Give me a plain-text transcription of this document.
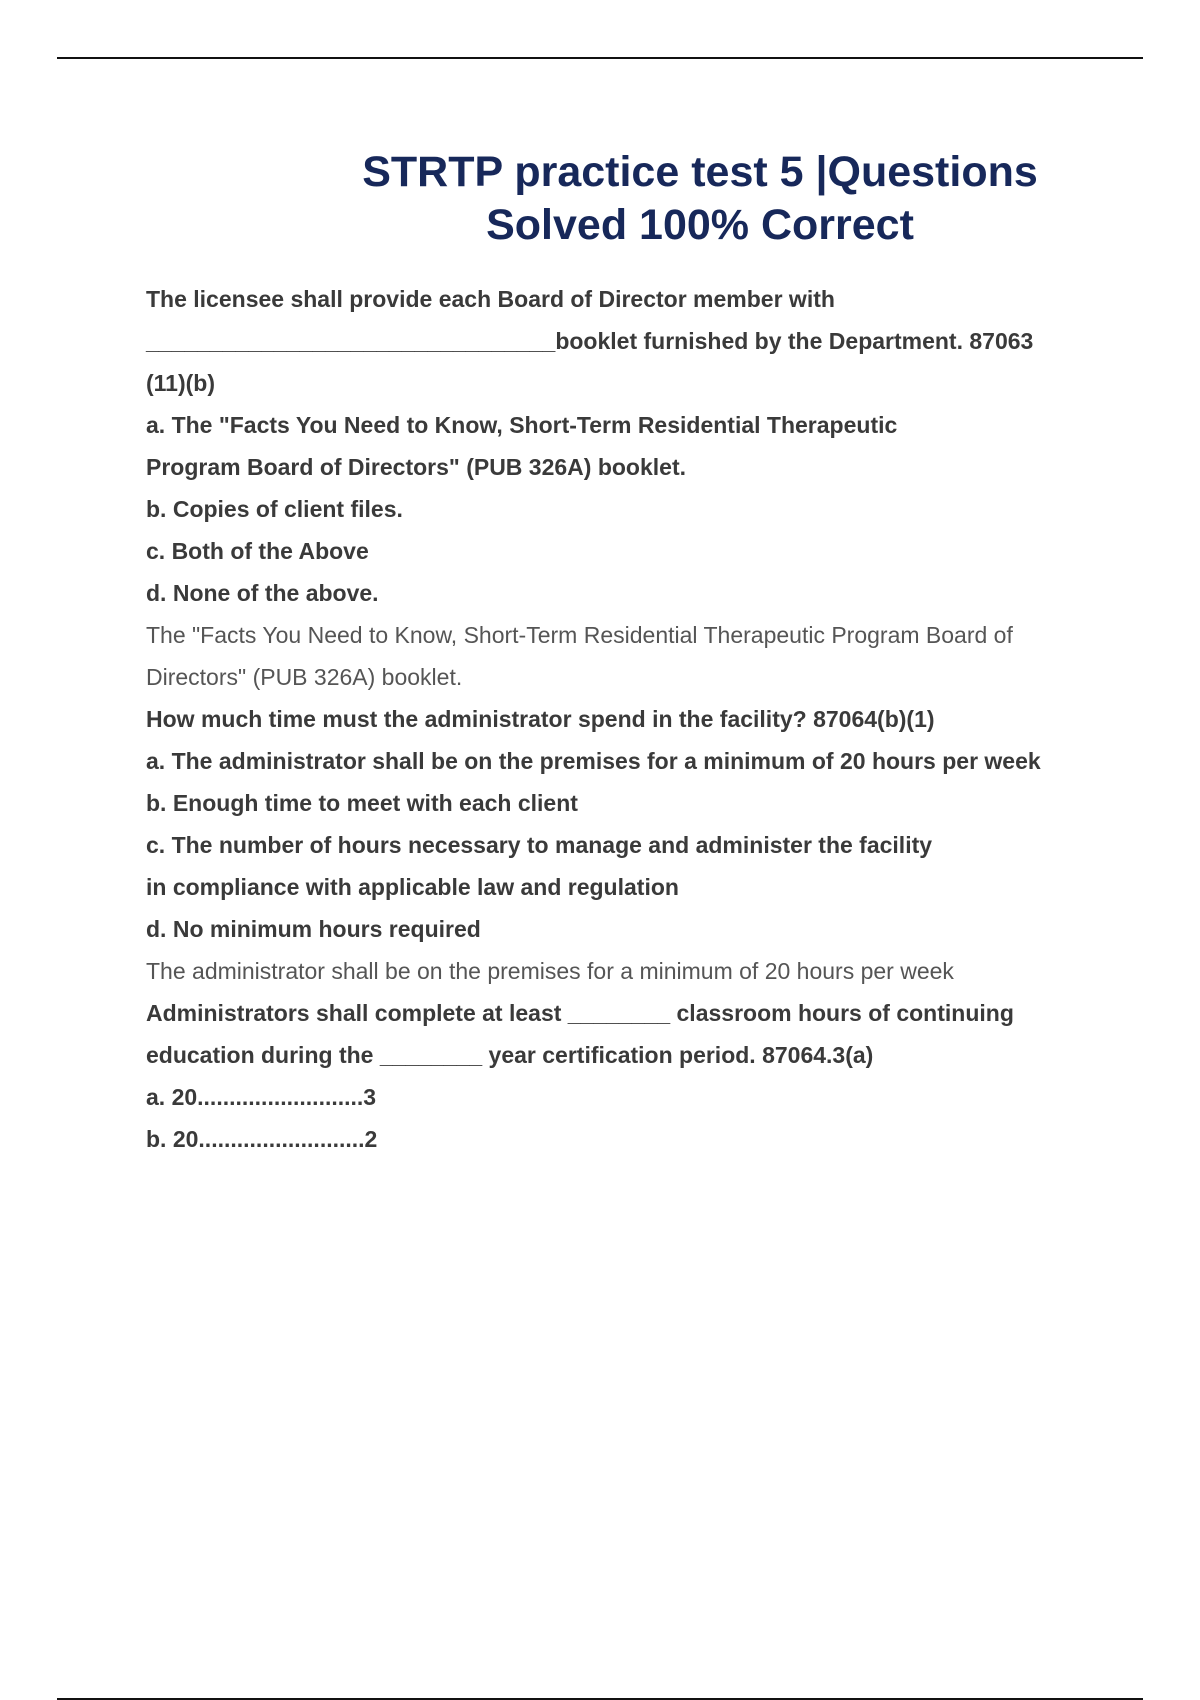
STRTP practice test 5 |Questions
Solved 100% Correct
The licensee shall provide each Board of Director member with
________________________________booklet furnished by the Department. 87063
(11)(b)
a. The "Facts You Need to Know, Short-Term Residential Therapeutic
Program Board of Directors" (PUB 326A) booklet.
b. Copies of client files.
c. Both of the Above
d. None of the above.
The "Facts You Need to Know, Short-Term Residential Therapeutic Program Board of
Directors" (PUB 326A) booklet.
How much time must the administrator spend in the facility? 87064(b)(1)
a. The administrator shall be on the premises for a minimum of 20 hours per week
b. Enough time to meet with each client
c. The number of hours necessary to manage and administer the facility
in compliance with applicable law and regulation
d. No minimum hours required
The administrator shall be on the premises for a minimum of 20 hours per week
Administrators shall complete at least ________ classroom hours of continuing
education during the ________ year certification period. 87064.3(a)
a. 20..........................3
b. 20..........................2
